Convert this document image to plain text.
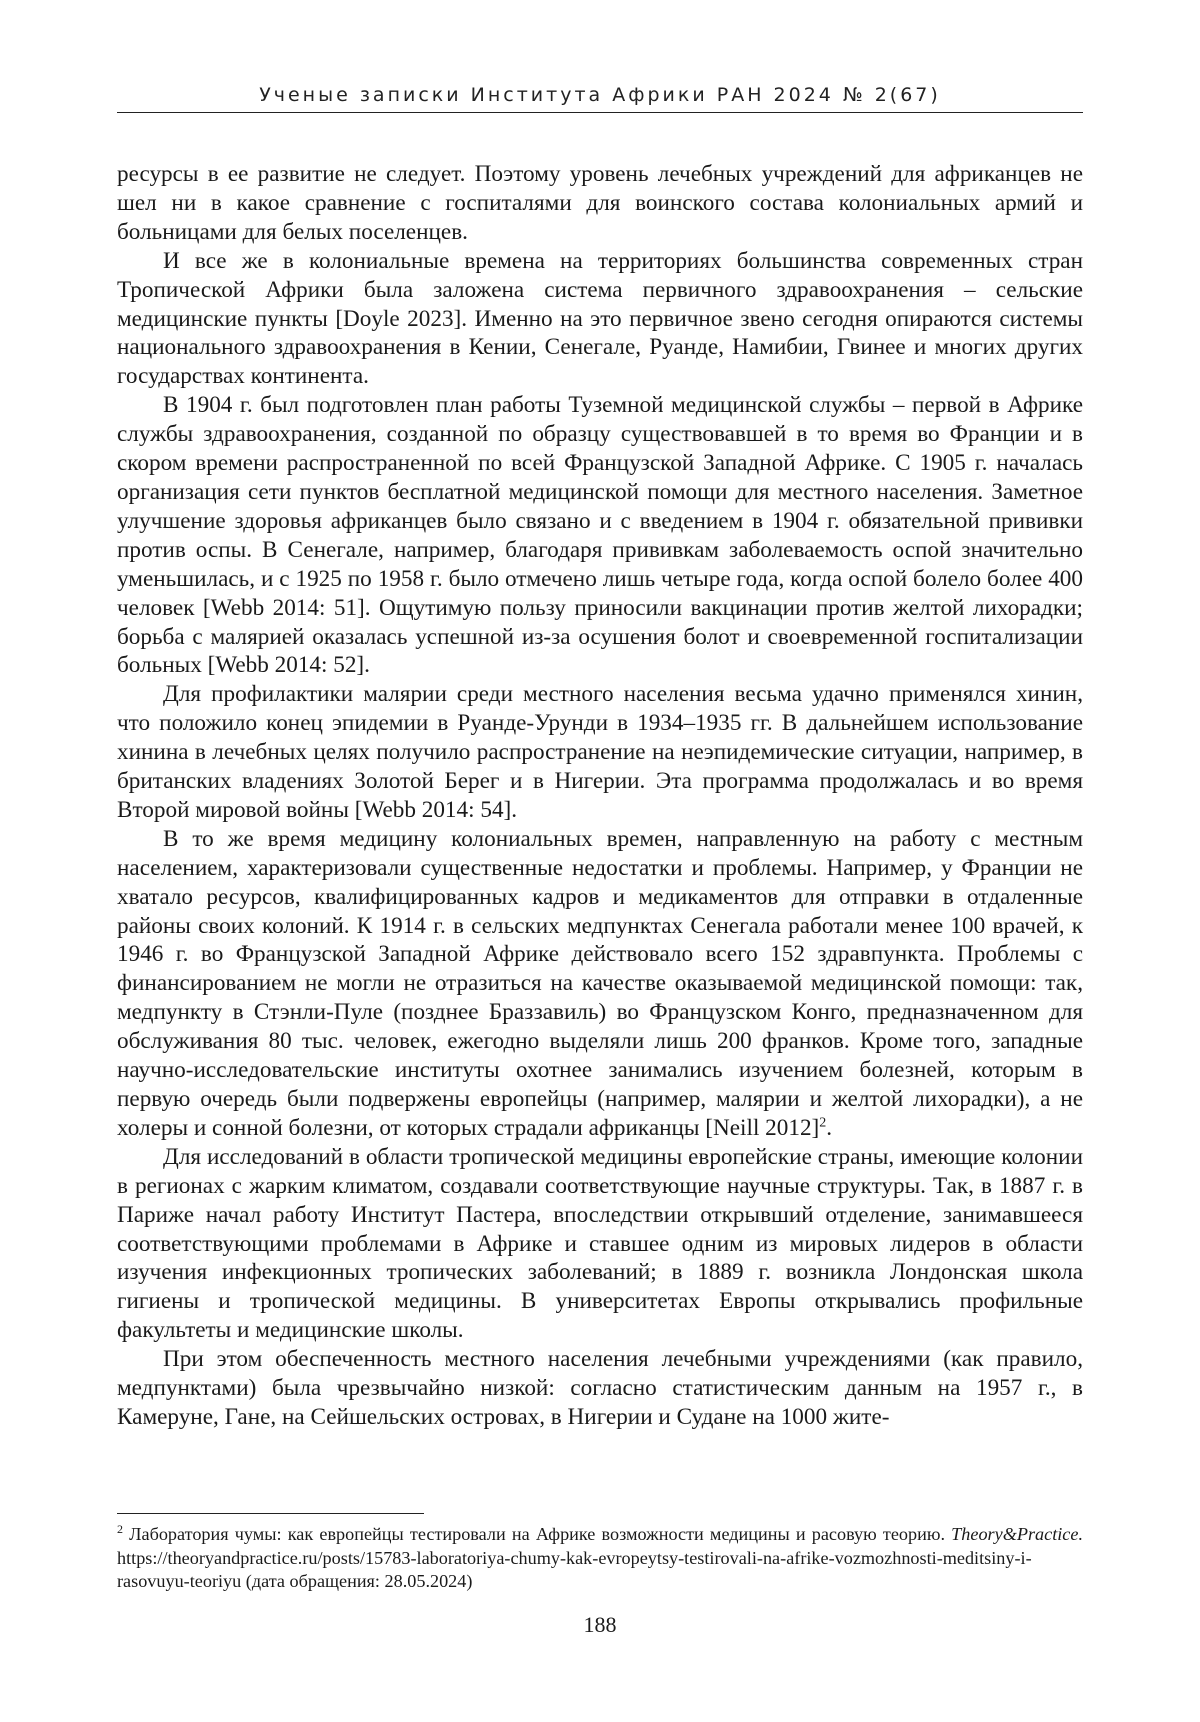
Ученые записки Института Африки РАН 2024 № 2(67)

ресурсы в ее развитие не следует. Поэтому уровень лечебных учреждений для африканцев не шел ни в какое сравнение с госпиталями для воинского состава колониальных армий и больницами для белых поселенцев.

И все же в колониальные времена на территориях большинства современных стран Тропической Африки была заложена система первичного здравоохранения – сельские медицинские пункты [Doyle 2023]. Именно на это первичное звено сегодня опираются системы национального здравоохранения в Кении, Сенегале, Руанде, Намибии, Гвинее и многих других государствах континента.

В 1904 г. был подготовлен план работы Туземной медицинской службы – первой в Африке службы здравоохранения, созданной по образцу существовавшей в то время во Франции и в скором времени распространенной по всей Французской Западной Африке. С 1905 г. началась организация сети пунктов бесплатной медицинской помощи для местного населения. Заметное улучшение здоровья африканцев было связано и с введением в 1904 г. обязательной прививки против оспы. В Сенегале, например, благодаря прививкам заболеваемость оспой значительно уменьшилась, и с 1925 по 1958 г. было отмечено лишь четыре года, когда оспой болело более 400 человек [Webb 2014: 51]. Ощутимую пользу приносили вакцинации против желтой лихорадки; борьба с малярией оказалась успешной из-за осушения болот и своевременной госпитализации больных [Webb 2014: 52].

Для профилактики малярии среди местного населения весьма удачно применялся хинин, что положило конец эпидемии в Руанде-Урунди в 1934–1935 гг. В дальнейшем использование хинина в лечебных целях получило распространение на неэпидемические ситуации, например, в британских владениях Золотой Берег и в Нигерии. Эта программа продолжалась и во время Второй мировой войны [Webb 2014: 54].

В то же время медицину колониальных времен, направленную на работу с местным населением, характеризовали существенные недостатки и проблемы. Например, у Франции не хватало ресурсов, квалифицированных кадров и медикаментов для отправки в отдаленные районы своих колоний. К 1914 г. в сельских медпунктах Сенегала работали менее 100 врачей, к 1946 г. во Французской Западной Африке действовало всего 152 здравпункта. Проблемы с финансированием не могли не отразиться на качестве оказываемой медицинской помощи: так, медпункту в Стэнли-Пуле (позднее Браззавиль) во Французском Конго, предназначенном для обслуживания 80 тыс. человек, ежегодно выделяли лишь 200 франков. Кроме того, западные научно-исследовательские институты охотнее занимались изучением болезней, которым в первую очередь были подвержены европейцы (например, малярии и желтой лихорадки), а не холеры и сонной болезни, от которых страдали африканцы [Neill 2012]$^2$.

Для исследований в области тропической медицины европейские страны, имеющие колонии в регионах с жарким климатом, создавали соответствующие научные структуры. Так, в 1887 г. в Париже начал работу Институт Пастера, впоследствии открывший отделение, занимавшееся соответствующими проблемами в Африке и ставшее одним из мировых лидеров в области изучения инфекционных тропических заболеваний; в 1889 г. возникла Лондонская школа гигиены и тропической медицины. В университетах Европы открывались профильные факультеты и медицинские школы.

При этом обеспеченность местного населения лечебными учреждениями (как правило, медпунктами) была чрезвычайно низкой: согласно статистическим данным на 1957 г., в Камеруне, Гане, на Сейшельских островах, в Нигерии и Судане на 1000 жите-

$^2$ Лаборатория чумы: как европейцы тестировали на Африке возможности медицины и расовую теорию. Theory&Practice. https://theoryandpractice.ru/posts/15783-laboratoriya-chumy-kak-evropeytsy-testirovali-na-afrike-vozmozhnosti-meditsiny-i-rasovuyu-teoriyu (дата обращения: 28.05.2024)
188
